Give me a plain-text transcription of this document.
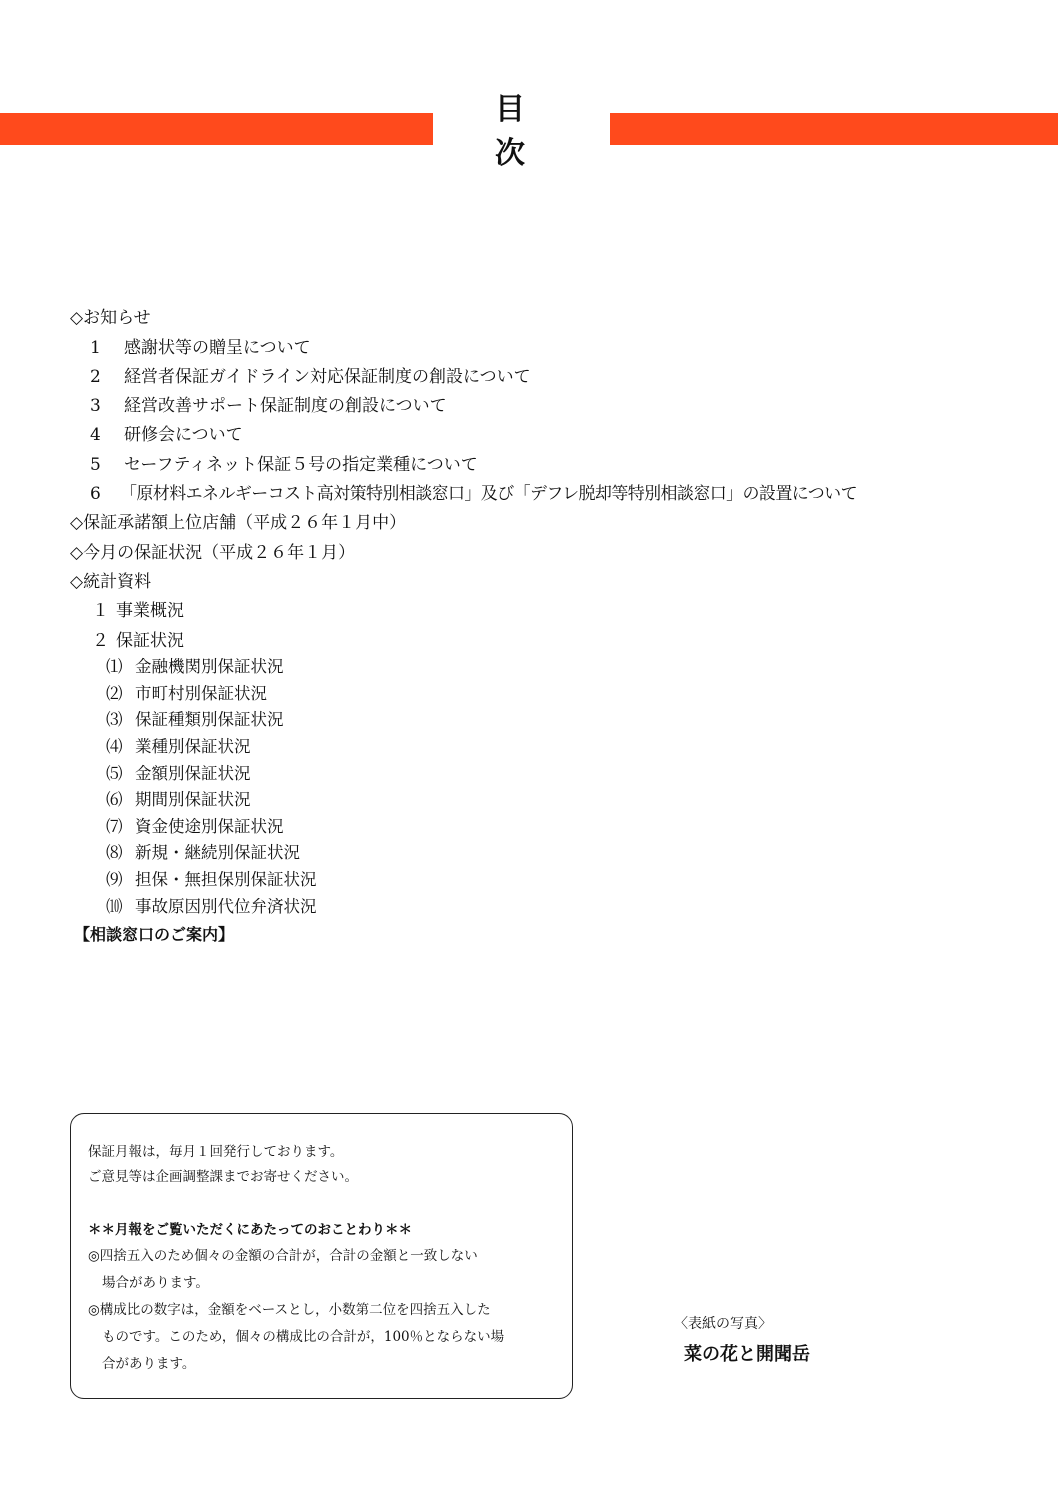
目次
◇お知らせ
1 感謝状等の贈呈について
2 経営者保証ガイドライン対応保証制度の創設について
3 経営改善サポート保証制度の創設について
4 研修会について
5 セーフティネット保証５号の指定業種について
6 「原材料エネルギーコスト高対策特別相談窓口」及び「デフレ脱却等特別相談窓口」の設置について
◇保証承諾額上位店舗（平成２６年１月中）
◇今月の保証状況（平成２６年１月）
◇統計資料
１ 事業概況
２ 保証状況
⑴ 金融機関別保証状況
⑵ 市町村別保証状況
⑶ 保証種類別保証状況
⑷ 業種別保証状況
⑸ 金額別保証状況
⑹ 期間別保証状況
⑺ 資金使途別保証状況
⑻ 新規・継続別保証状況
⑼ 担保・無担保別保証状況
⑽ 事故原因別代位弁済状況
【相談窓口のご案内】
保証月報は，毎月１回発行しております。
ご意見等は企画調整課までお寄せください。
＊＊月報をご覧いただくにあたってのおことわり＊＊
◎四捨五入のため個々の金額の合計が，合計の金額と一致しない
場合があります。
◎構成比の数字は，金額をベースとし，小数第二位を四捨五入した
ものです。このため，個々の構成比の合計が，100％とならない場
合があります。
〈表紙の写真〉
菜の花と開聞岳
